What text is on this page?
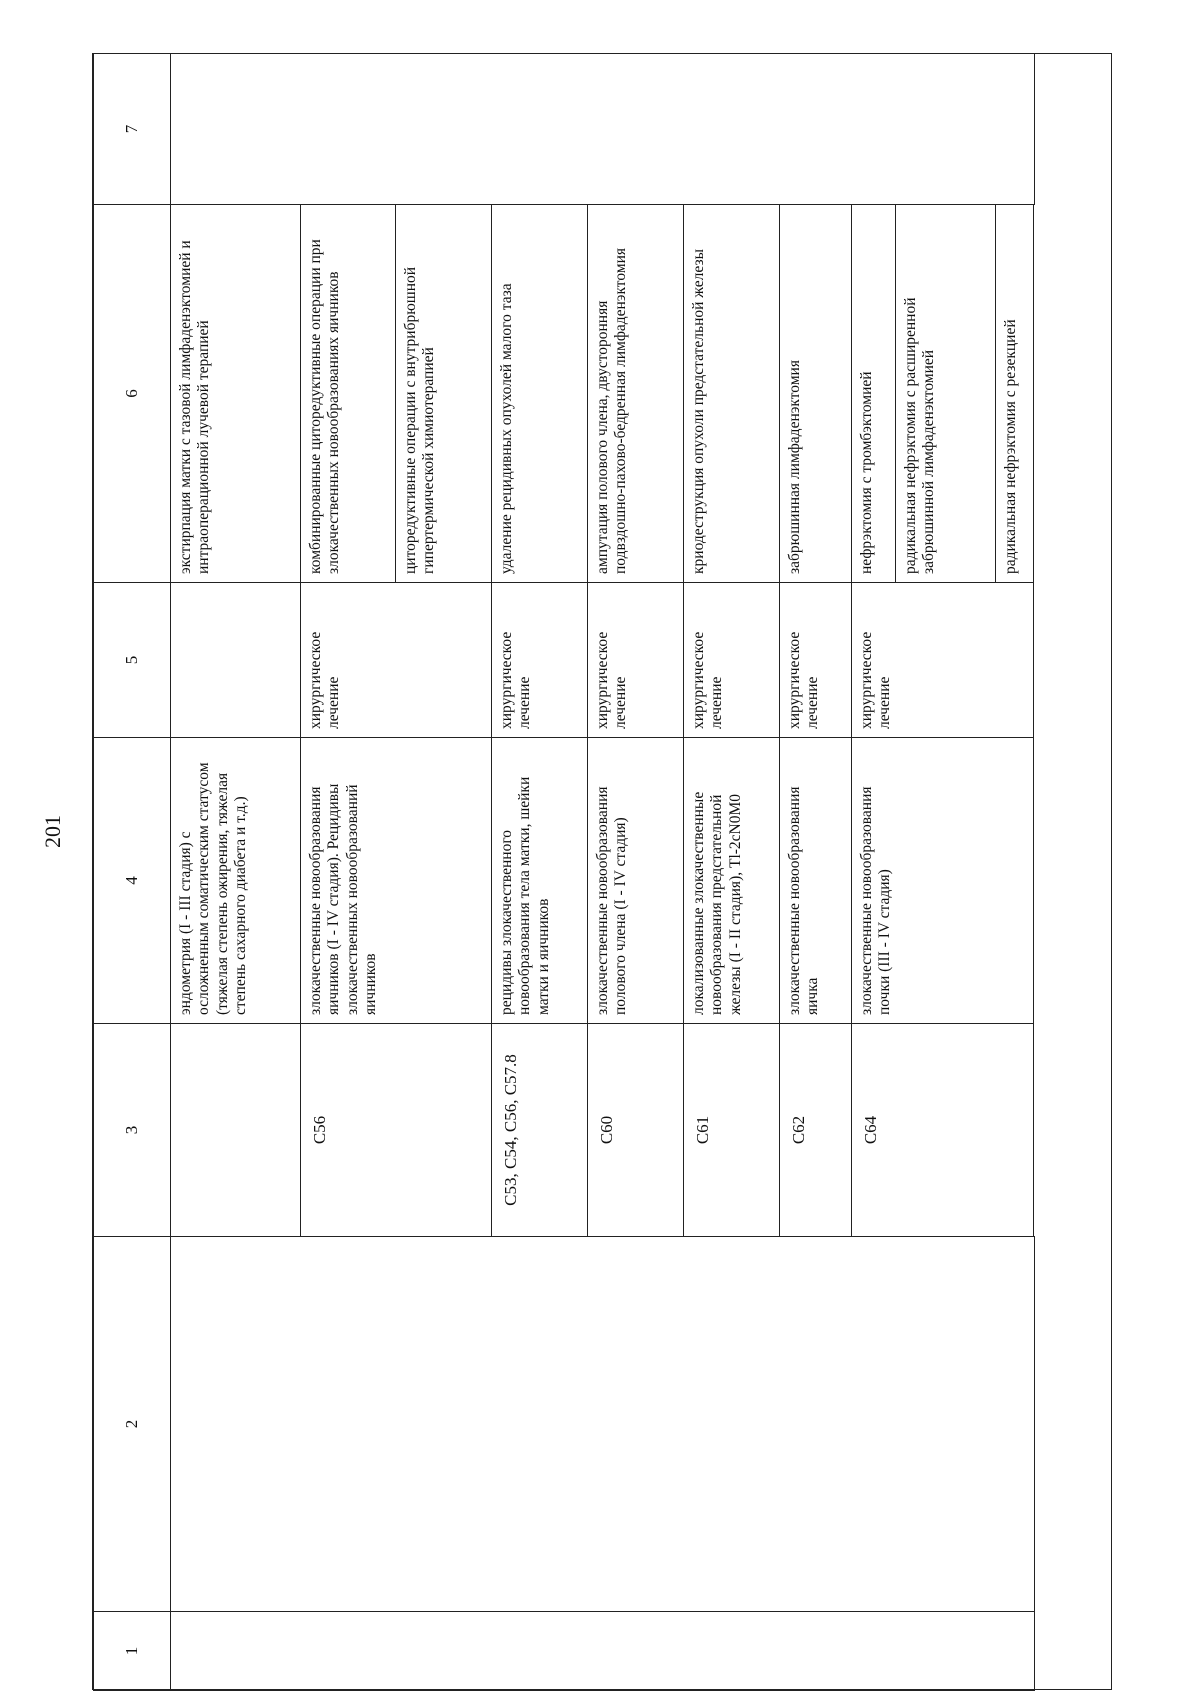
201
1	2	3	4	5	6	7
			эндометрия (I - III стадия) с осложненным соматическим статусом (тяжелая степень ожирения, тяжелая степень сахарного диабета и т.д.)		экстирпация матки с тазовой лимфаденэктомией и интраоперационной лучевой терапией	
		C56	злокачественные новообразования яичников (I - IV стадия). Рецидивы злокачественных новообразований яичников	хирургическое лечение	комбинированные циторедуктивные операции при злокачественных новообразованиях яичников	
					циторедуктивные операции с внутрибрюшной гипертермической химиотерапией	
		C53, C54, C56, C57.8	рецидивы злокачественного новообразования тела матки, шейки матки и яичников	хирургическое лечение	удаление рецидивных опухолей малого таза	
		C60	злокачественные новообразования полового члена (I - IV стадия)	хирургическое лечение	ампутация полового члена, двусторонняя подвздошно-пахово-бедренная лимфаденэктомия	
		C61	локализованные злокачественные новообразования предстательной железы (I - II стадия), Tl-2cN0M0	хирургическое лечение	криодеструкция опухоли предстательной железы	
		C62	злокачественные новообразования яичка	хирургическое лечение	забрюшинная лимфаденэктомия	
		C64	злокачественные новообразования почки (III - IV стадия)	хирургическое лечение	нефрэктомия с тромбэктомией	
					радикальная нефрэктомия с расширенной забрюшинной лимфаденэктомией	
					радикальная нефрэктомия с резекцией	
